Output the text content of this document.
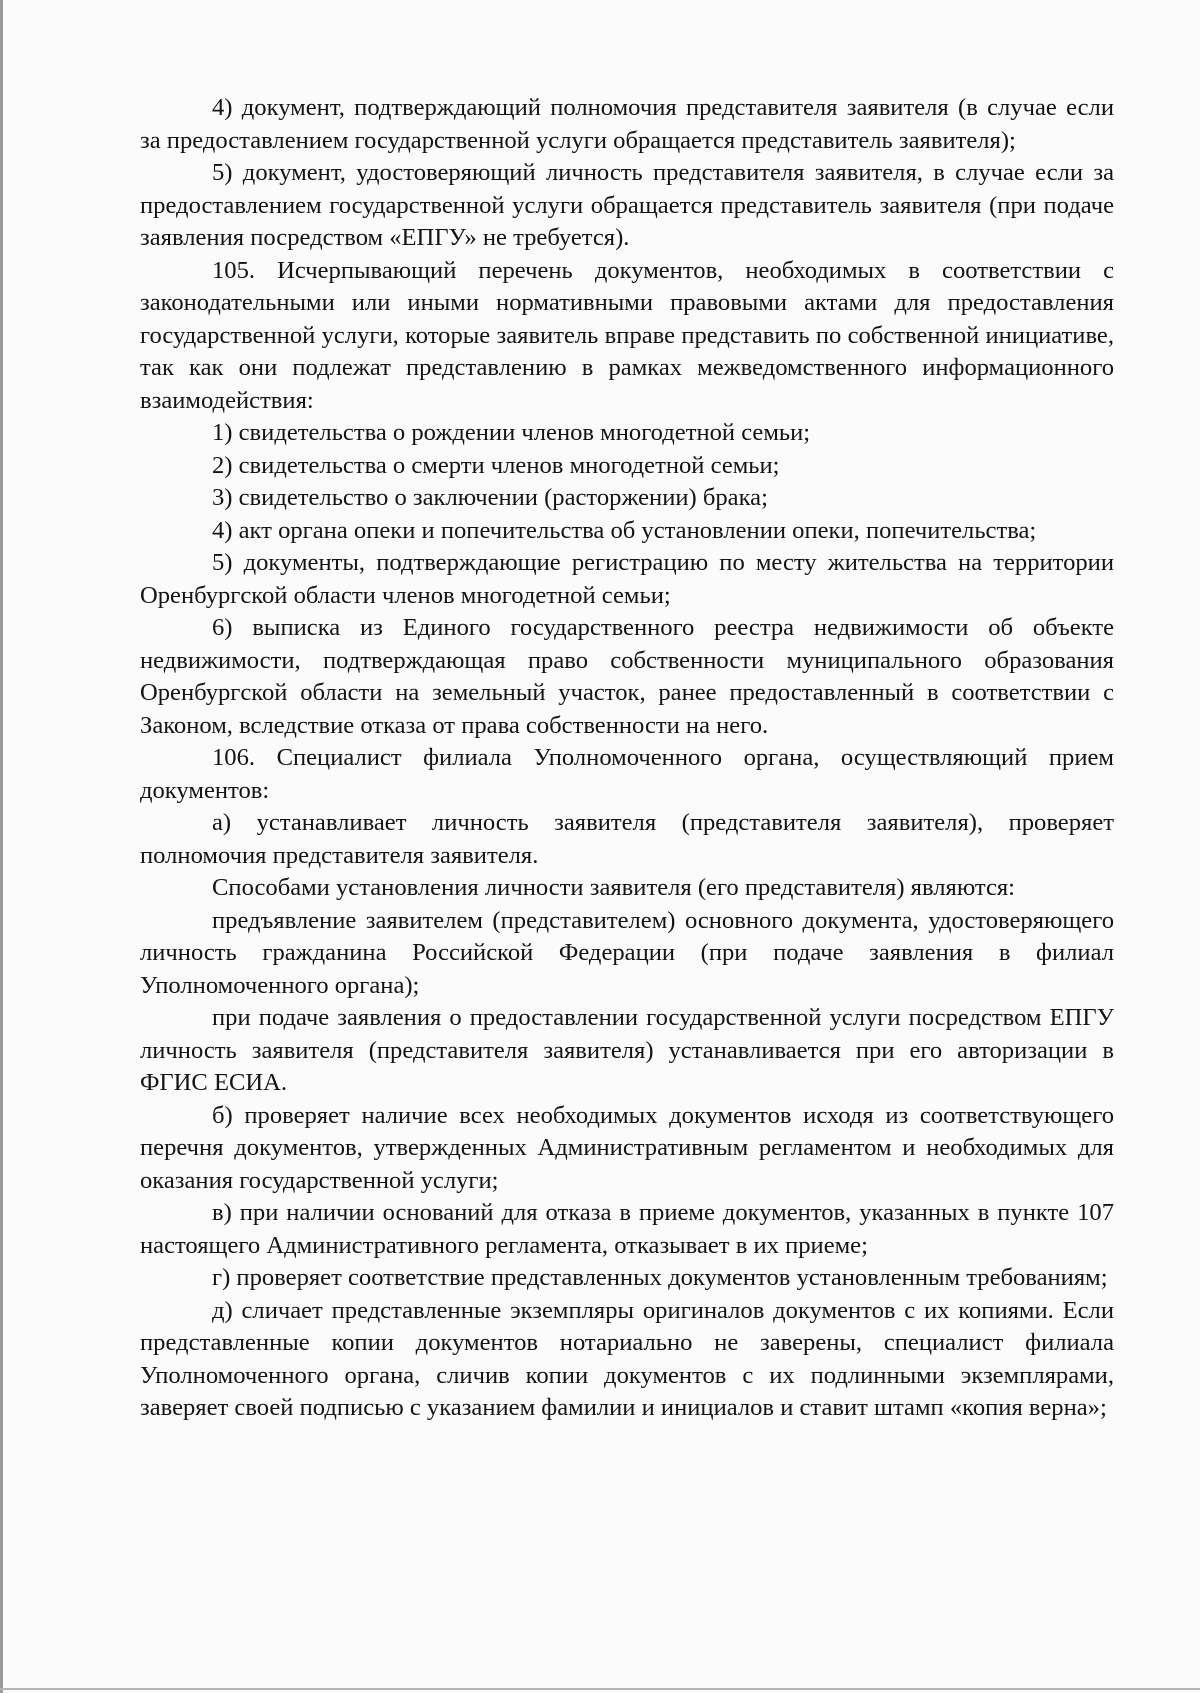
4) документ, подтверждающий полномочия представителя заявителя (в случае если за предоставлением государственной услуги обращается представитель заявителя);

5) документ, удостоверяющий личность представителя заявителя, в случае если за предоставлением государственной услуги обращается представитель заявителя (при подаче заявления посредством «ЕПГУ» не требуется).

105. Исчерпывающий перечень документов, необходимых в соответствии с законодательными или иными нормативными правовыми актами для предоставления государственной услуги, которые заявитель вправе представить по собственной инициативе, так как они подлежат представлению в рамках межведомственного информационного взаимодействия:

1) свидетельства о рождении членов многодетной семьи;

2) свидетельства о смерти членов многодетной семьи;

3) свидетельство о заключении (расторжении) брака;

4) акт органа опеки и попечительства об установлении опеки, попечительства;

5) документы, подтверждающие регистрацию по месту жительства на территории Оренбургской области членов многодетной семьи;

6) выписка из Единого государственного реестра недвижимости об объекте недвижимости, подтверждающая право собственности муниципального образования Оренбургской области на земельный участок, ранее предоставленный в соответствии с Законом, вследствие отказа от права собственности на него.

106. Специалист филиала Уполномоченного органа, осуществляющий прием документов:

а) устанавливает личность заявителя (представителя заявителя), проверяет полномочия представителя заявителя.

Способами установления личности заявителя (его представителя) являются:

предъявление заявителем (представителем) основного документа, удостоверяющего личность гражданина Российской Федерации (при подаче заявления в филиал Уполномоченного органа);

при подаче заявления о предоставлении государственной услуги посредством ЕПГУ личность заявителя (представителя заявителя) устанавливается при его авторизации в ФГИС ЕСИА.

б) проверяет наличие всех необходимых документов исходя из соответствующего перечня документов, утвержденных Административным регламентом и необходимых для оказания государственной услуги;

в) при наличии оснований для отказа в приеме документов, указанных в пункте 107 настоящего Административного регламента, отказывает в их приеме;

г) проверяет соответствие представленных документов установленным требованиям;

д) сличает представленные экземпляры оригиналов документов с их копиями. Если представленные копии документов нотариально не заверены, специалист филиала Уполномоченного органа, сличив копии документов с их подлинными экземплярами, заверяет своей подписью с указанием фамилии и инициалов и ставит штамп «копия верна»;
